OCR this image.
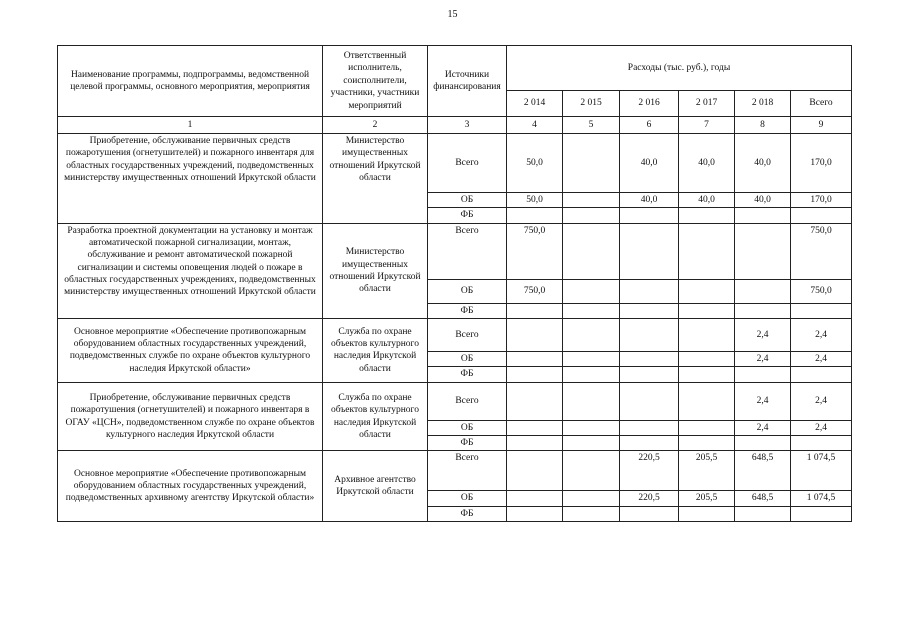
15
Наименование программы, подпрограммы, ведомственной целевой программы, основного мероприятия, мероприятия	Ответственный исполнитель, соисполнители, участники, участники мероприятий	Источники финансирования	Расходы (тыс. руб.), годы					
			2 014	2 015	2 016	2 017	2 018	Всего
1	2	3	4	5	6	7	8	9
Приобретение, обслуживание первичных средств пожаротушения (огнетушителей) и пожарного инвентаря для областных государственных учреждений, подведомственных министерству имущественных отношений Иркутской области	Министерство имущественных отношений Иркутской области	Всего	50,0		40,0	40,0	40,0	170,0
		ОБ	50,0		40,0	40,0	40,0	170,0
		ФБ						
Разработка проектной документации на установку и монтаж автоматической пожарной сигнализации, монтаж, обслуживание и ремонт автоматической пожарной сигнализации и системы оповещения людей о пожаре в областных государственных учреждениях, подведомственных министерству имущественных отношений Иркутской области	Министерство имущественных отношений Иркутской области	Всего	750,0					750,0
		ОБ	750,0					750,0
		ФБ						
Основное мероприятие «Обеспечение противопожарным оборудованием областных государственных учреждений, подведомственных службе по охране объектов культурного наследия Иркутской области»	Служба по охране объектов культурного наследия Иркутской области	Всего					2,4	2,4
		ОБ					2,4	2,4
		ФБ						
Приобретение, обслуживание первичных средств пожаротушения (огнетушителей) и пожарного инвентаря в ОГАУ «ЦСН», подведомственном службе по охране объектов культурного наследия Иркутской области	Служба по охране объектов культурного наследия Иркутской области	Всего					2,4	2,4
		ОБ					2,4	2,4
		ФБ						
Основное мероприятие «Обеспечение противопожарным оборудованием областных государственных учреждений, подведомственных архивному агентству Иркутской области»	Архивное агентство Иркутской области	Всего			220,5	205,5	648,5	1 074,5
		ОБ			220,5	205,5	648,5	1 074,5
		ФБ						
